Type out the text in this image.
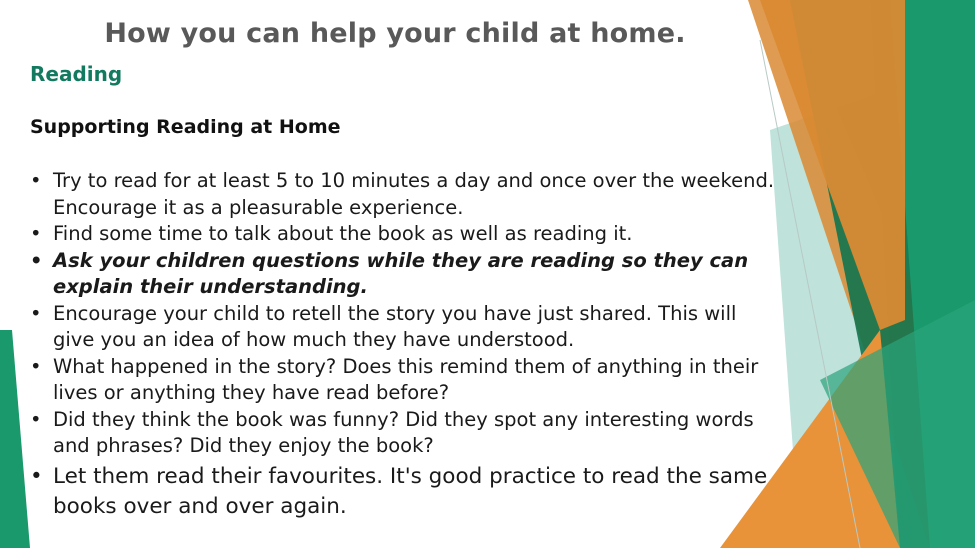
How you can help your child at home.
Reading
Supporting Reading at Home
• Try to read for at least 5 to 10 minutes a day and once over the weekend. Encourage it as a pleasurable experience.
• Find some time to talk about the book as well as reading it.
• Ask your children questions while they are reading so they can explain their understanding.
• Encourage your child to retell the story you have just shared. This will give you an idea of how much they have understood.
• What happened in the story? Does this remind them of anything in their lives or anything they have read before?
• Did they think the book was funny? Did they spot any interesting words and phrases? Did they enjoy the book?
• Let them read their favourites. It's good practice to read the same books over and over again.
